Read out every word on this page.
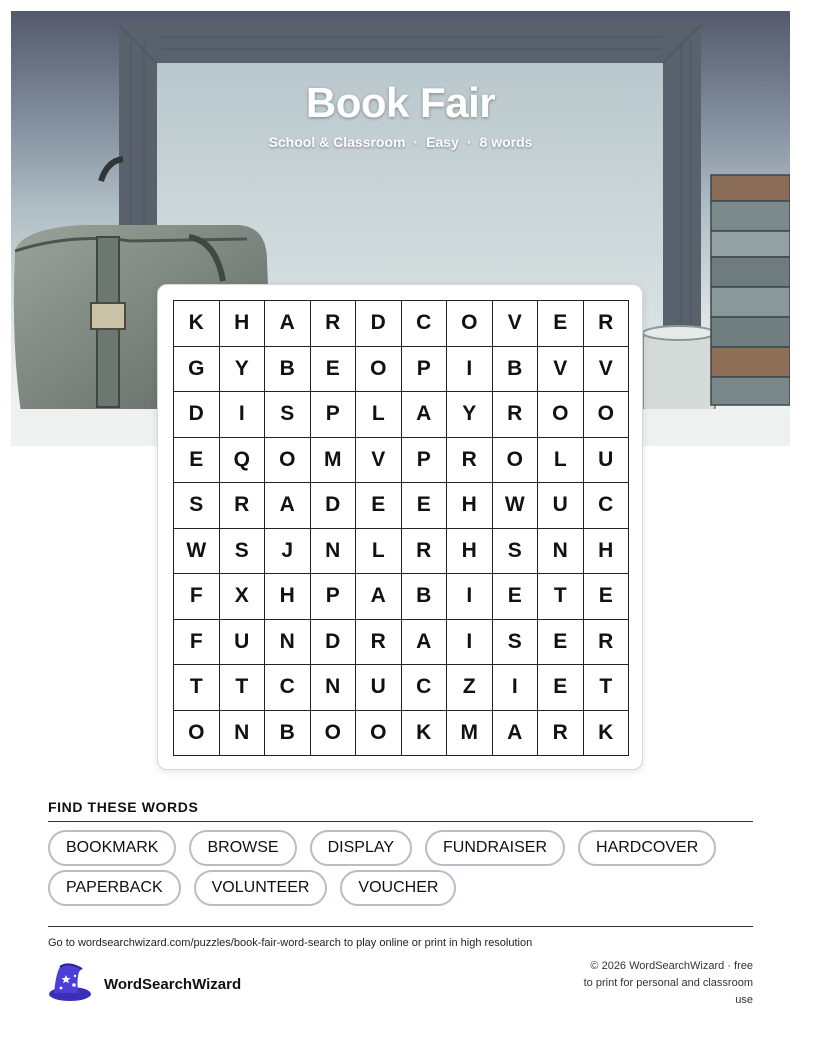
Book Fair
School & Classroom · Easy · 8 words
K	H	A	R	D	C	O	V	E	R
G	Y	B	E	O	P	I	B	V	V
D	I	S	P	L	A	Y	R	O	O
E	Q	O	M	V	P	R	O	L	U
S	R	A	D	E	E	H	W	U	C
W	S	J	N	L	R	H	S	N	H
F	X	H	P	A	B	I	E	T	E
F	U	N	D	R	A	I	S	E	R
T	T	C	N	U	C	Z	I	E	T
O	N	B	O	O	K	M	A	R	K
FIND THESE WORDS
BOOKMARK	BROWSE	DISPLAY	FUNDRAISER	HARDCOVER
PAPERBACK	VOLUNTEER	VOUCHER
Go to wordsearchwizard.com/puzzles/book-fair-word-search to play online or print in high resolution
WordSearchWizard
© 2026 WordSearchWizard · free to print for personal and classroom use
